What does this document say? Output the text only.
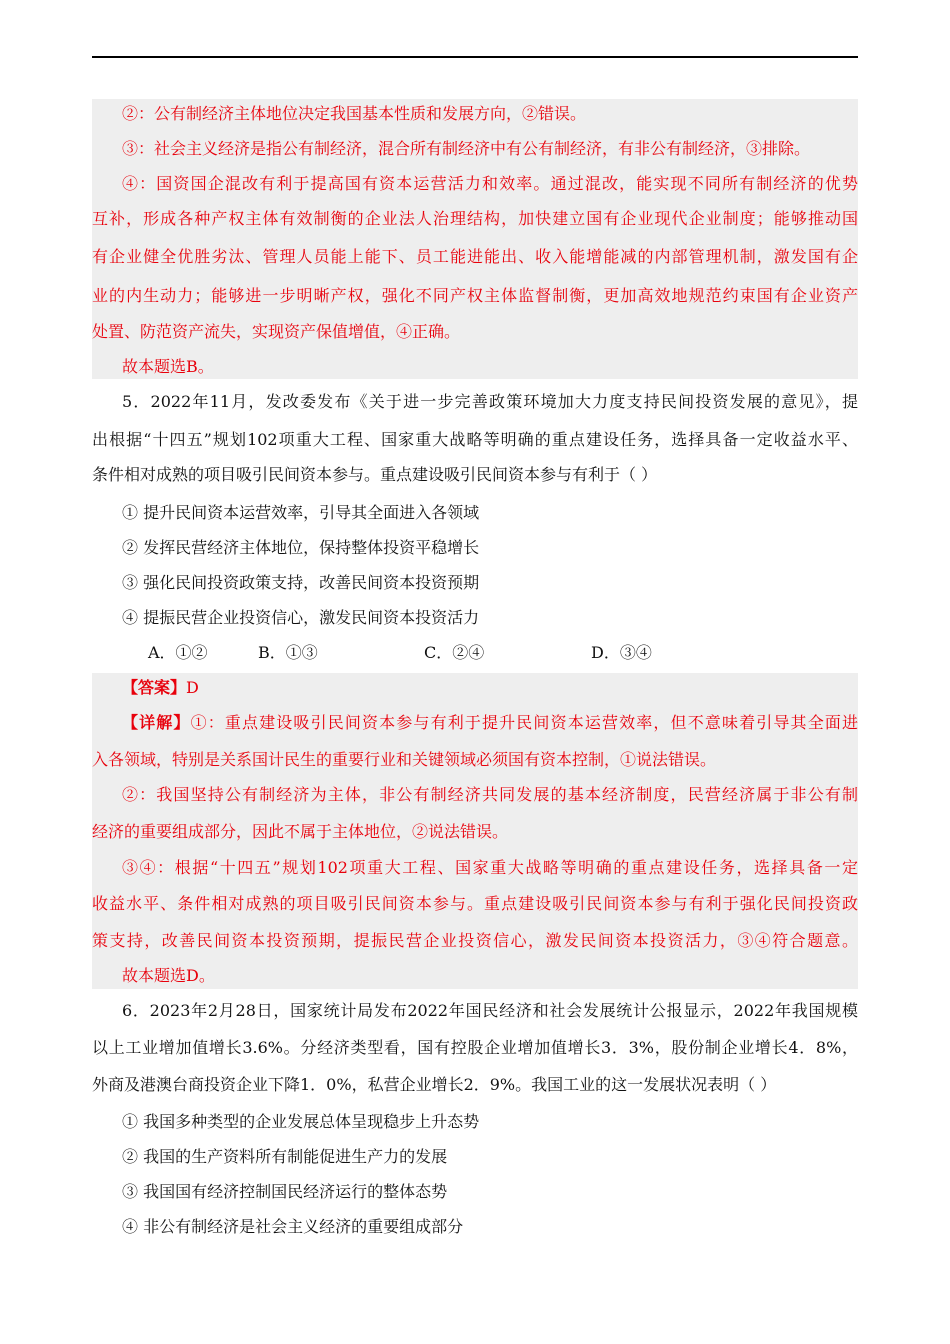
②：公有制经济主体地位决定我国基本性质和发展方向，②错误。
③：社会主义经济是指公有制经济，混合所有制经济中有公有制经济，有非公有制经济，③排除。
④：国资国企混改有利于提高国有资本运营活力和效率。通过混改，能实现不同所有制经济的优势
互补，形成各种产权主体有效制衡的企业法人治理结构，加快建立国有企业现代企业制度；能够推动国
有企业健全优胜劣汰、管理人员能上能下、员工能进能出、收入能增能减的内部管理机制，激发国有企
业的内生动力；能够进一步明晰产权，强化不同产权主体监督制衡，更加高效地规范约束国有企业资产
处置、防范资产流失，实现资产保值增值，④正确。
故本题选B。
5．2022年11月，发改委发布《关于进一步完善政策环境加大力度支持民间投资发展的意见》，提
出根据“十四五”规划102项重大工程、国家重大战略等明确的重点建设任务，选择具备一定收益水平、
条件相对成熟的项目吸引民间资本参与。重点建设吸引民间资本参与有利于（ ）
① 提升民间资本运营效率，引导其全面进入各领域
② 发挥民营经济主体地位，保持整体投资平稳增长
③ 强化民间投资政策支持，改善民间资本投资预期
④ 提振民营企业投资信心，激发民间资本投资活力
A．①②	B．①③	C．②④	D．③④
【答案】D
【详解】①：重点建设吸引民间资本参与有利于提升民间资本运营效率，但不意味着引导其全面进
入各领域，特别是关系国计民生的重要行业和关键领域必须国有资本控制，①说法错误。
②：我国坚持公有制经济为主体，非公有制经济共同发展的基本经济制度，民营经济属于非公有制
经济的重要组成部分，因此不属于主体地位，②说法错误。
③④：根据“十四五”规划102项重大工程、国家重大战略等明确的重点建设任务，选择具备一定
收益水平、条件相对成熟的项目吸引民间资本参与。重点建设吸引民间资本参与有利于强化民间投资政
策支持，改善民间资本投资预期，提振民营企业投资信心，激发民间资本投资活力，③④符合题意。
故本题选D。
6．2023年2月28日，国家统计局发布2022年国民经济和社会发展统计公报显示，2022年我国规模
以上工业增加值增长3.6%。分经济类型看，国有控股企业增加值增长3．3%，股份制企业增长4．8%，
外商及港澳台商投资企业下降1．0%，私营企业增长2．9%。我国工业的这一发展状况表明（ ）
① 我国多种类型的企业发展总体呈现稳步上升态势
② 我国的生产资料所有制能促进生产力的发展
③ 我国国有经济控制国民经济运行的整体态势
④ 非公有制经济是社会主义经济的重要组成部分
